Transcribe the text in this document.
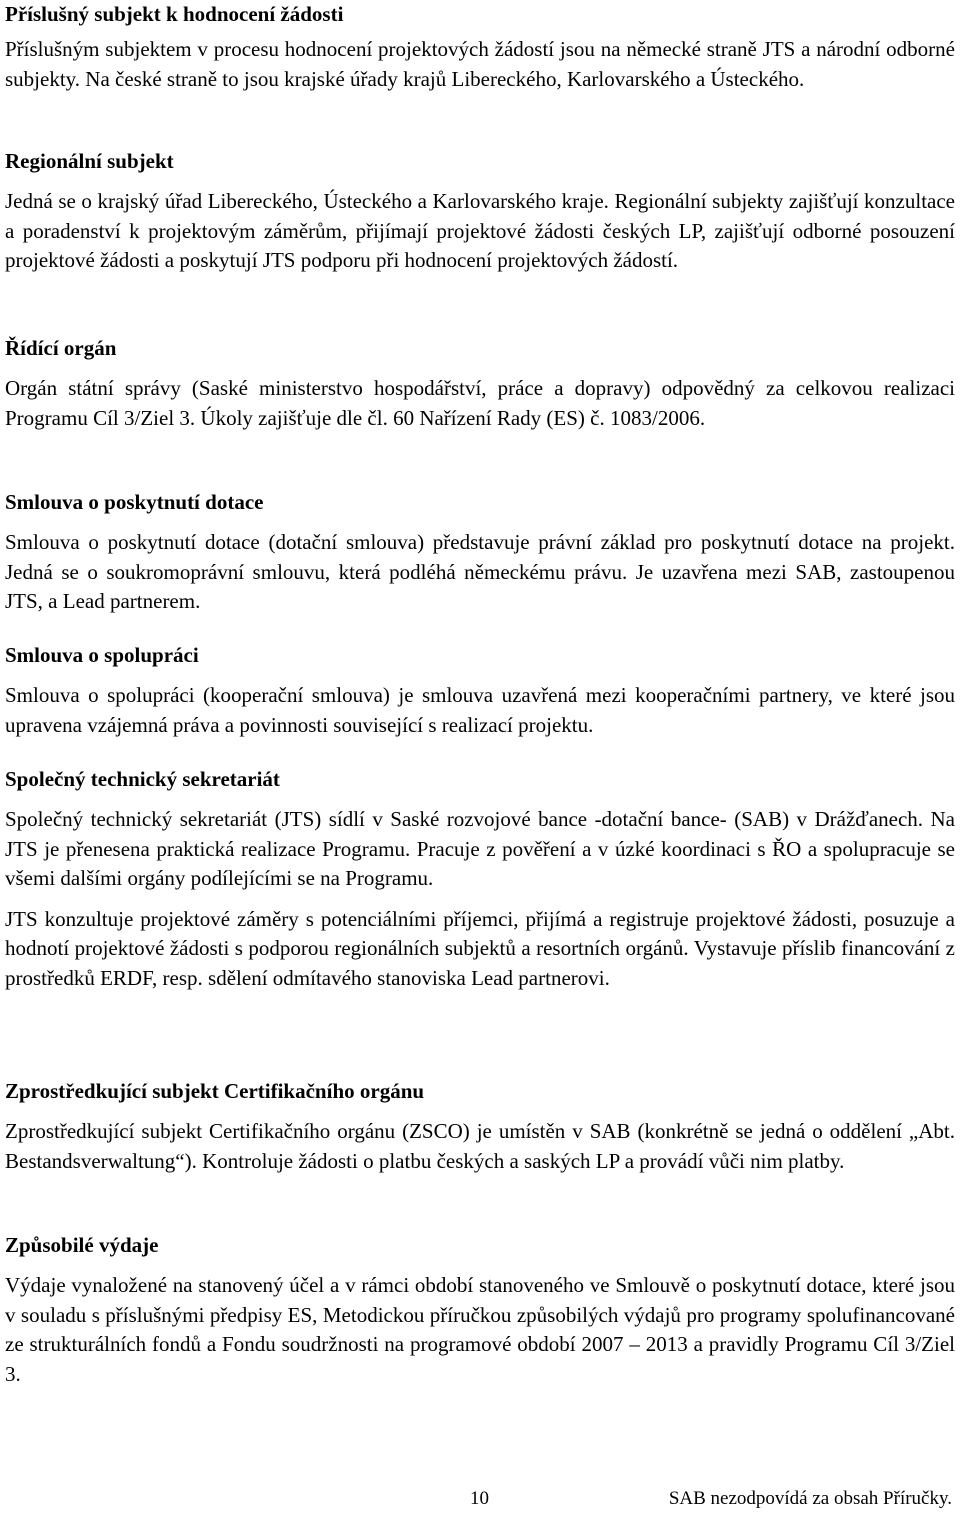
Příslušný subjekt k hodnocení žádosti

Příslušným subjektem v procesu hodnocení projektových žádostí jsou na německé straně JTS a národní odborné subjekty. Na české straně to jsou krajské úřady krajů Libereckého, Karlovarského a Ústeckého.

Regionální subjekt

Jedná se o krajský úřad Libereckého, Ústeckého a Karlovarského kraje. Regionální subjekty zajišťují konzultace a poradenství k projektovým záměrům, přijímají projektové žádosti českých LP, zajišťují odborné posouzení projektové žádosti a poskytují JTS podporu při hodnocení projektových žádostí.

Řídící orgán

Orgán státní správy (Saské ministerstvo hospodářství, práce a dopravy) odpovědný za celkovou realizaci Programu Cíl 3/Ziel 3. Úkoly zajišťuje dle čl. 60 Nařízení Rady (ES) č. 1083/2006.

Smlouva o poskytnutí dotace

Smlouva o poskytnutí dotace (dotační smlouva) představuje právní základ pro poskytnutí dotace na projekt. Jedná se o soukromoprávní smlouvu, která podléhá německému právu. Je uzavřena mezi SAB, zastoupenou JTS, a Lead partnerem.

Smlouva o spolupráci

Smlouva o spolupráci (kooperační smlouva) je smlouva uzavřená mezi kooperačními partnery, ve které jsou upravena vzájemná práva a povinnosti související s realizací projektu.

Společný technický sekretariát

Společný technický sekretariát (JTS) sídlí v Saské rozvojové bance -dotační bance- (SAB) v Drážďanech. Na JTS je přenesena praktická realizace Programu. Pracuje z pověření a v úzké koordinaci s ŘO a spolupracuje se všemi dalšími orgány podílejícími se na Programu.

JTS konzultuje projektové záměry s potenciálními příjemci, přijímá a registruje projektové žádosti, posuzuje a hodnotí projektové žádosti s podporou regionálních subjektů a resortních orgánů. Vystavuje příslib financování z prostředků ERDF, resp. sdělení odmítavého stanoviska Lead partnerovi.

Zprostředkující subjekt Certifikačního orgánu

Zprostředkující subjekt Certifikačního orgánu (ZSCO) je umístěn v SAB (konkrétně se jedná o oddělení „Abt. Bestandsverwaltung“). Kontroluje žádosti o platbu českých a saských LP a provádí vůči nim platby.

Způsobilé výdaje

Výdaje vynaložené na stanovený účel a v rámci období stanoveného ve Smlouvě o poskytnutí dotace, které jsou v souladu s příslušnými předpisy ES, Metodickou příručkou způsobilých výdajů pro programy spolufinancované ze strukturálních fondů a Fondu soudržnosti na programové období 2007 – 2013 a pravidly Programu Cíl 3/Ziel 3.

10	SAB nezodpovídá za obsah Příručky.
